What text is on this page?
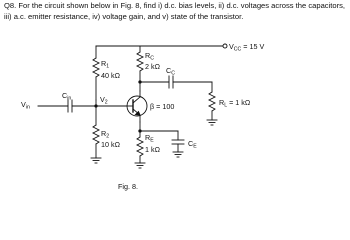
Q8. For the circuit shown below in Fig. 8, find i) d.c. bias levels, ii) d.c. voltages across the capacitors, iii) a.c. emitter resistance, iv) voltage gain, and v) state of the transistor.

$V_{CC} = 15$ V
$R_1$
40 kΩ
$R_2$
10 kΩ
$R_C$
2 kΩ $C_C$
$R_L = 1$ kΩ
$R_E$
1 kΩ
$C_E$
$C_{in}$
$V_{in}$
$V_2$	β = 100
Fig. 8.
